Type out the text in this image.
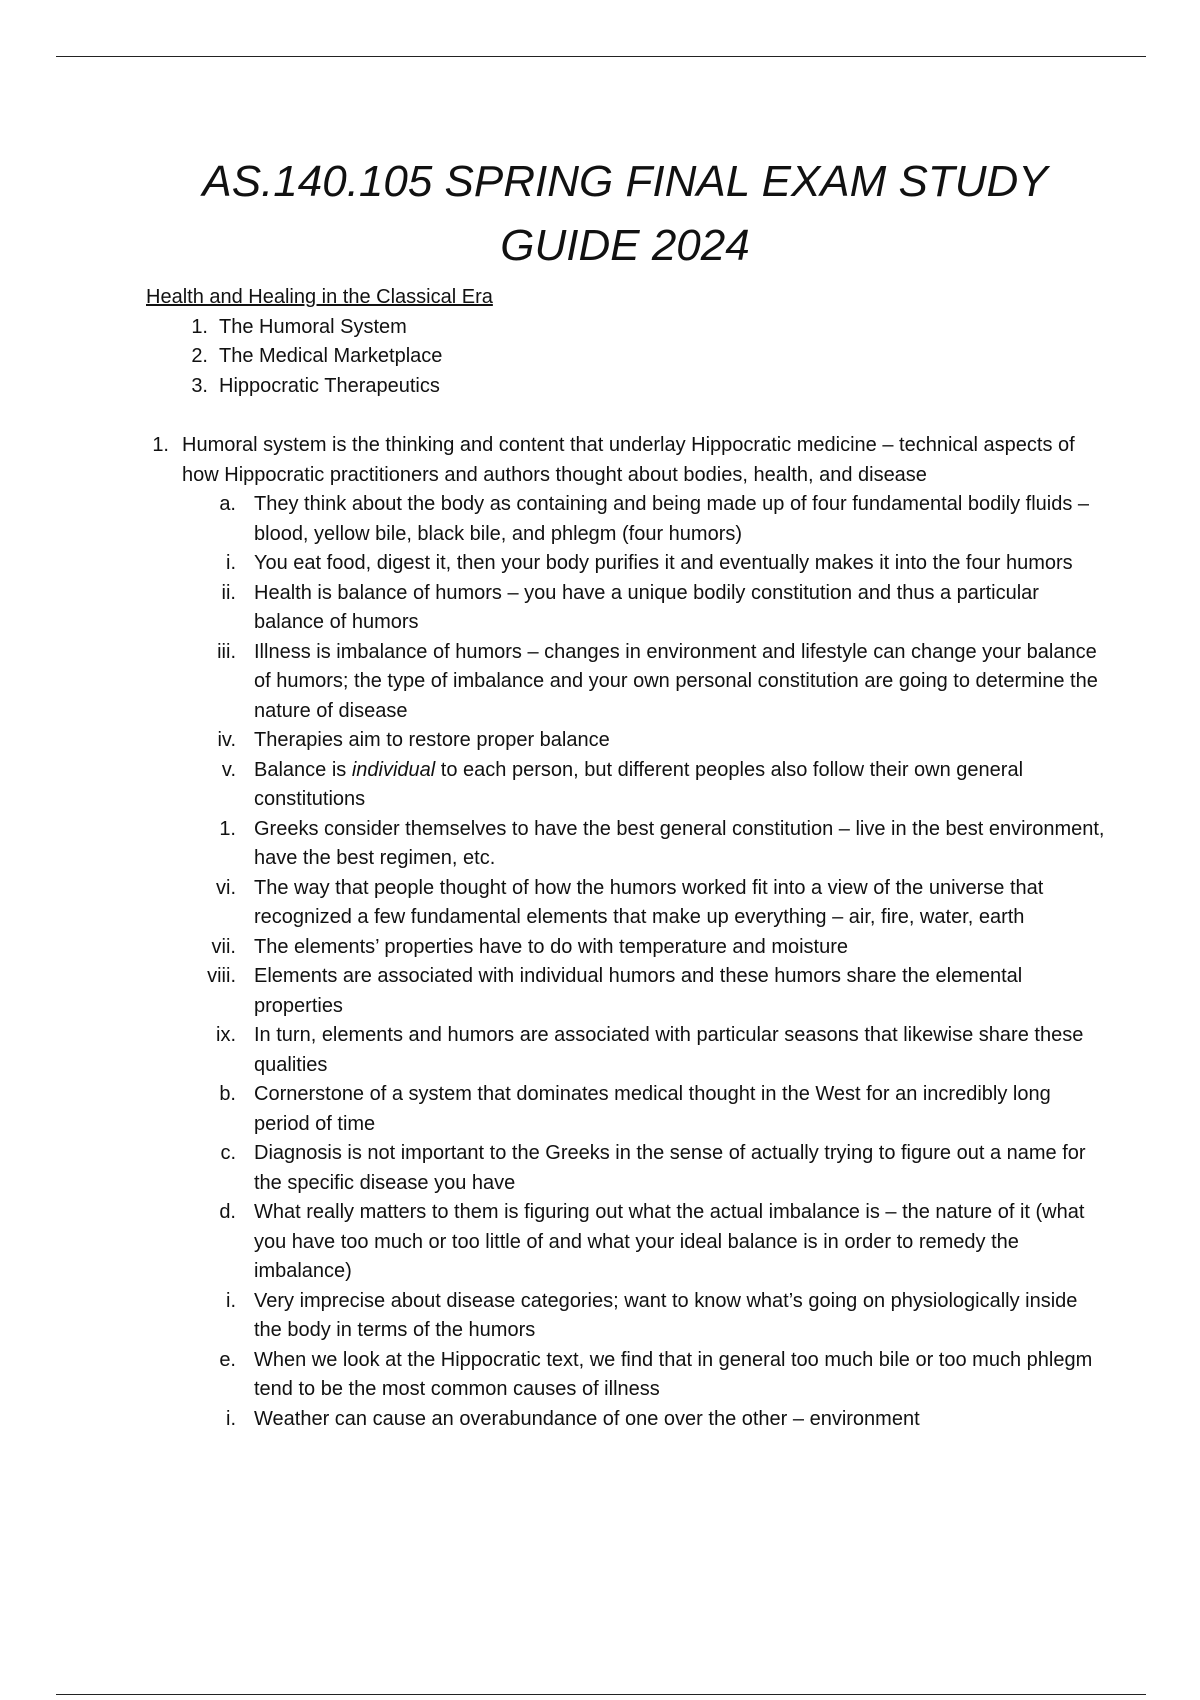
AS.140.105 SPRING FINAL EXAM STUDY
GUIDE 2024

Health and Healing in the Classical Era

1. The Humoral System
2. The Medical Marketplace
3. Hippocratic Therapeutics
1. Humoral system is the thinking and content that underlay Hippocratic medicine – technical aspects of how Hippocratic practitioners and authors thought about bodies, health, and disease
a. They think about the body as containing and being made up of four fundamental bodily fluids – blood, yellow bile, black bile, and phlegm (four humors)
i. You eat food, digest it, then your body purifies it and eventually makes it into the four humors
ii. Health is balance of humors – you have a unique bodily constitution and thus a particular balance of humors
iii. Illness is imbalance of humors – changes in environment and lifestyle can change your balance of humors; the type of imbalance and your own personal constitution are going to determine the nature of disease
iv. Therapies aim to restore proper balance
v. Balance is individual to each person, but different peoples also follow their own general constitutions
1. Greeks consider themselves to have the best general constitution – live in the best environment, have the best regimen, etc.
vi. The way that people thought of how the humors worked fit into a view of the universe that recognized a few fundamental elements that make up everything – air, fire, water, earth
vii. The elements’ properties have to do with temperature and moisture
viii. Elements are associated with individual humors and these humors share the elemental properties
ix. In turn, elements and humors are associated with particular seasons that likewise share these qualities
b. Cornerstone of a system that dominates medical thought in the West for an incredibly long period of time
c. Diagnosis is not important to the Greeks in the sense of actually trying to figure out a name for the specific disease you have
d. What really matters to them is figuring out what the actual imbalance is – the nature of it (what you have too much or too little of and what your ideal balance is in order to remedy the imbalance)
i. Very imprecise about disease categories; want to know what’s going on physiologically inside the body in terms of the humors
e. When we look at the Hippocratic text, we find that in general too much bile or too much phlegm tend to be the most common causes of illness
i. Weather can cause an overabundance of one over the other – environment
